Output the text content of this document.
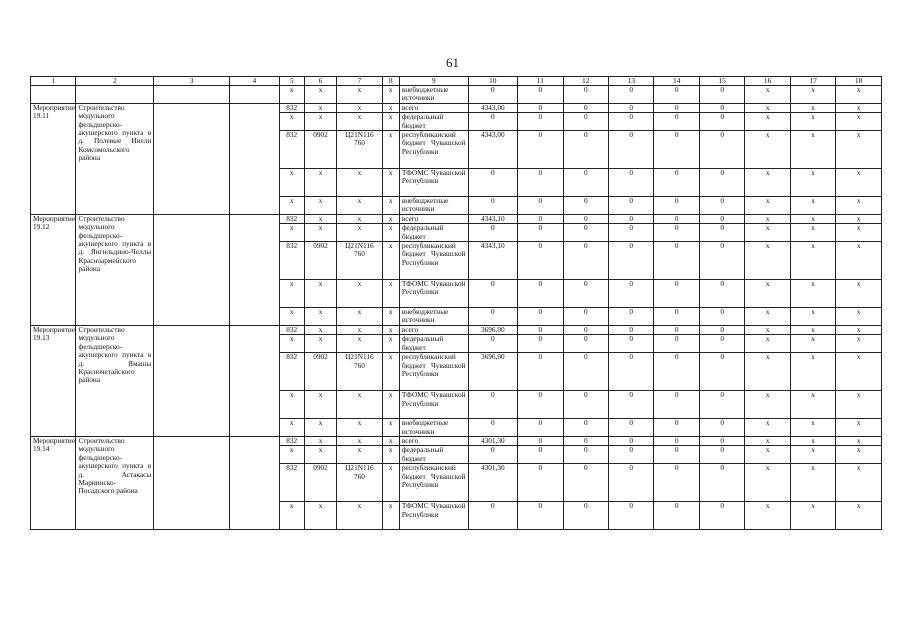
61
1	2	3	4	5	6	7	8	9	10	11	12	13	14	15	16	17	18
				x	x	x	x	внебюджетные источники	0	0	0	0	0	0	x	x	x
Мероприятие 19.11	Строительство модульного фельдшерско-акушерского пункта в д. Полевые Инели Комсомольского района			832	x	x	x	всего	4343,00	0	0	0	0	0	x	x	x
				x	x	x	x	федеральный бюджет	0	0	0	0	0	0	x	x	x
				832	0902	Ц21N116 760	x	республиканский бюджет Чувашской Республики	4343,00	0	0	0	0	0	x	x	x
				x	x	x	x	ТФОМС Чувашской Республики	0	0	0	0	0	0	x	x	x
				x	x	x	x	внебюджетные источники	0	0	0	0	0	0	x	x	x
Мероприятие 19.12	Строительство модульного фельдшерско-акушерского пункта в д. Янгильдино-Челлы Красноармейского района			832	x	x	x	всего	4343,10	0	0	0	0	0	x	x	x
				x	x	x	x	федеральный бюджет	0	0	0	0	0	0	x	x	x
				832	0902	Ц21N116 760	x	республиканский бюджет Чувашской Республики	4343,10	0	0	0	0	0	x	x	x
				x	x	x	x	ТФОМС Чувашской Республики	0	0	0	0	0	0	x	x	x
				x	x	x	x	внебюджетные источники	0	0	0	0	0	0	x	x	x
Мероприятие 19.13	Строительство модульного фельдшерско-акушерского пункта в д. Ямашы Красночетайского района			832	x	x	x	всего	3696,00	0	0	0	0	0	x	x	x
				x	x	x	x	федеральный бюджет	0	0	0	0	0	0	x	x	x
				832	0902	Ц21N116 760	x	республиканский бюджет Чувашской Республики	3696,00	0	0	0	0	0	x	x	x
				x	x	x	x	ТФОМС Чувашской Республики	0	0	0	0	0	0	x	x	x
				x	x	x	x	внебюджетные источники	0	0	0	0	0	0	x	x	x
Мероприятие 19.14	Строительство модульного фельдшерско-акушерского пункта в д. Астакасы Мариинско-Посадского района			832	x	x	x	всего	4301,30	0	0	0	0	0	x	x	x
				x	x	x	x	федеральный бюджет	0	0	0	0	0	0	x	x	x
				832	0902	Ц21N116 760	x	республиканский бюджет Чувашской Республики	4301,30	0	0	0	0	0	x	x	x
				x	x	x	x	ТФОМС Чувашской Республики	0	0	0	0	0	0	x	x	x
